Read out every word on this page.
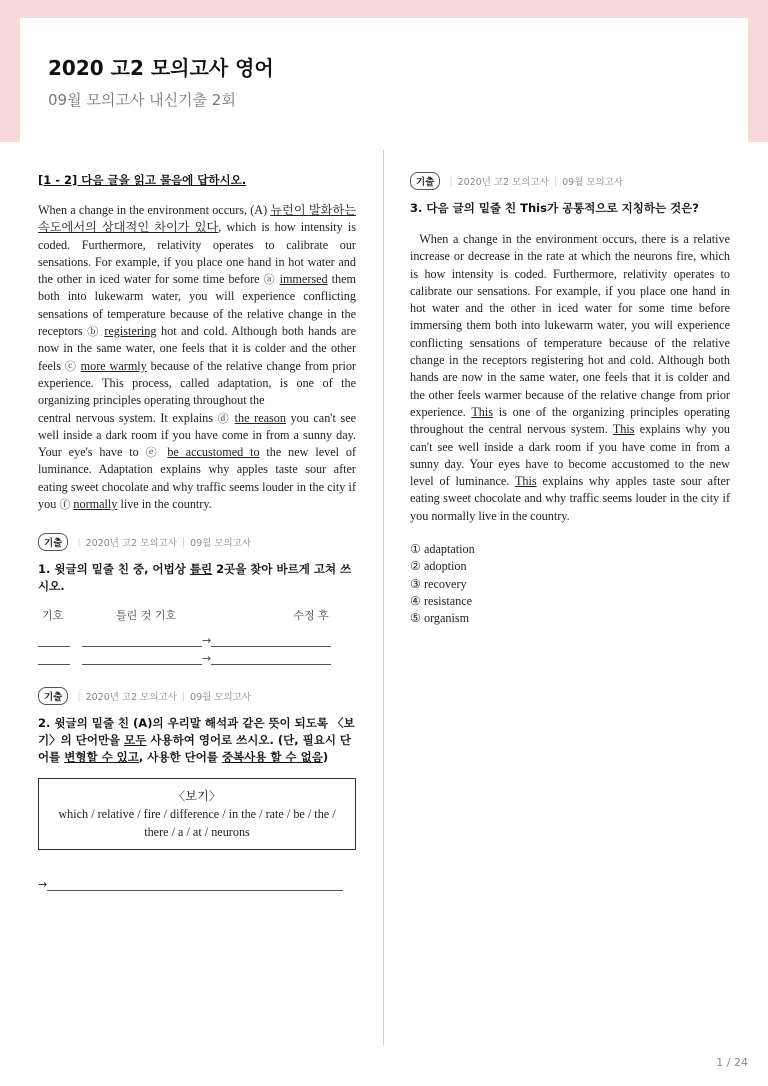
2020 고2 모의고사 영어
09월 모의고사 내신기출 2회
[1 - 2] 다음 글을 읽고 물음에 답하시오.

When a change in the environment occurs, (A) 뉴런이 발화하는 속도에서의 상대적인 차이가 있다, which is how intensity is coded. Furthermore, relativity operates to calibrate our sensations. For example, if you place one hand in hot water and the other in iced water for some time before ⓐ immersed them both into lukewarm water, you will experience conflicting sensations of temperature because of the relative change in the receptors ⓑ registering hot and cold. Although both hands are now in the same water, one feels that it is colder and the other feels ⓒ more warmly because of the relative change from prior experience. This process, called adaptation, is one of the organizing principles operating throughout the

central nervous system. It explains ⓓ the reason you can't see well inside a dark room if you have come in from a sunny day. Your eye's have to ⓔ be accustomed to the new level of luminance. Adaptation explains why apples taste sour after eating sweet chocolate and why traffic seems louder in the city if you ⓕ normally live in the country.

기출	| 2020년 고2 모의고사 | 09월 모의고사
1. 윗글의 밑줄 친 중, 어법상 틀린 2곳을 찾아 바르게 고쳐 쓰시오.
기호	틀린 것 기호	수정 후
→
→
기출	| 2020년 고2 모의고사 | 09월 모의고사
2. 윗글의 밑줄 친 (A)의 우리말 해석과 같은 뜻이 되도록 〈보기〉의 단어만을 모두 사용하여 영어로 쓰시오. (단, 필요시 단어를 변형할 수 있고, 사용한 단어를 중복사용 할 수 없음)
〈보기〉
which / relative / fire / difference / in the / rate / be / the / there / a / at / neurons
→
기출	| 2020년 고2 모의고사 | 09월 모의고사
3. 다음 글의 밑줄 친 This가 공통적으로 지칭하는 것은?

When a change in the environment occurs, there is a relative increase or decrease in the rate at which the neurons fire, which is how intensity is coded. Furthermore, relativity operates to calibrate our sensations. For example, if you place one hand in hot water and the other in iced water for some time before immersing them both into lukewarm water, you will experience conflicting sensations of temperature because of the relative change in the receptors registering hot and cold. Although both hands are now in the same water, one feels that it is colder and the other feels warmer because of the relative change from prior experience. This is one of the organizing principles operating throughout the central nervous system. This explains why you can't see well inside a dark room if you have come in from a sunny day. Your eyes have to become accustomed to the new level of luminance. This explains why apples taste sour after eating sweet chocolate and why traffic seems louder in the city if you normally live in the country.

① adaptation
② adoption
③ recovery
④ resistance
⑤ organism
1 / 24
